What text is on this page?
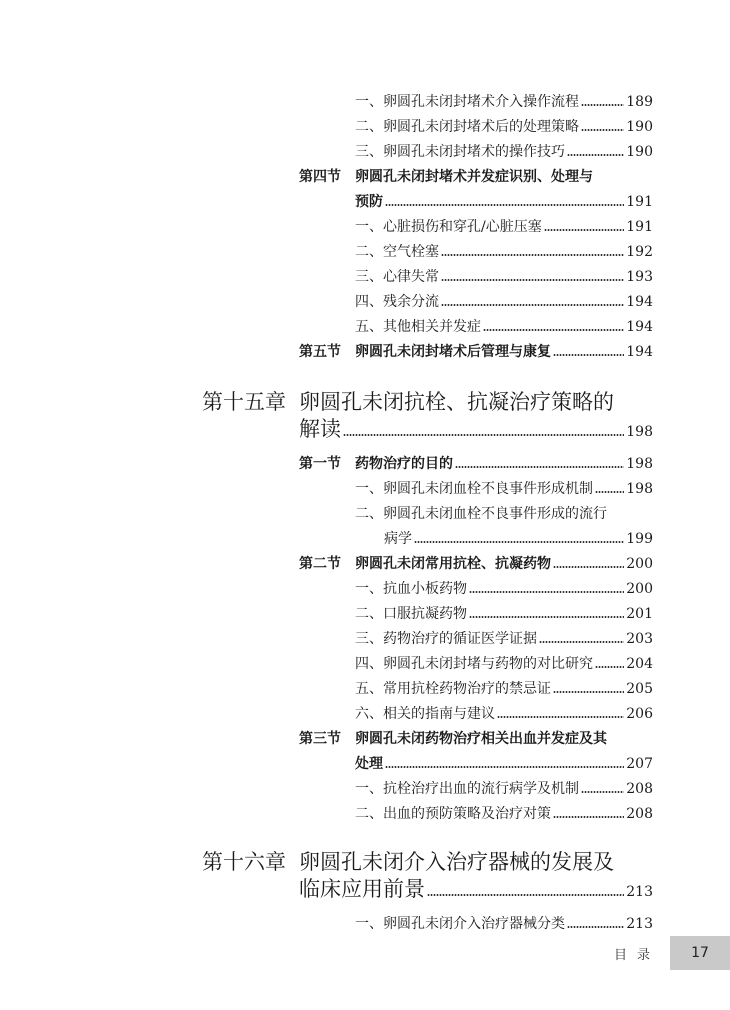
一、卵圆孔未闭封堵术介入操作流程	189
二、卵圆孔未闭封堵术后的处理策略	190
三、卵圆孔未闭封堵术的操作技巧	190
第四节	卵圆孔未闭封堵术并发症识别、处理与
预防	191
一、心脏损伤和穿孔/心脏压塞	191
二、空气栓塞	192
三、心律失常	193
四、残余分流	194
五、其他相关并发症	194
第五节	卵圆孔未闭封堵术后管理与康复	194
第十五章 卵圆孔未闭抗栓、抗凝治疗策略的
解读	198
第一节	药物治疗的目的	198
一、卵圆孔未闭血栓不良事件形成机制 198
二、卵圆孔未闭血栓不良事件形成的流行
病学	199
第二节	卵圆孔未闭常用抗栓、抗凝药物	200
一、抗血小板药物	200
二、口服抗凝药物	201
三、药物治疗的循证医学证据	203
四、卵圆孔未闭封堵与药物的对比研究 204
五、常用抗栓药物治疗的禁忌证	205
六、相关的指南与建议	206
第三节	卵圆孔未闭药物治疗相关出血并发症及其
处理	207
一、抗栓治疗出血的流行病学及机制	208
二、出血的预防策略及治疗对策	208
第十六章 卵圆孔未闭介入治疗器械的发展及
临床应用前景	213
一、卵圆孔未闭介入治疗器械分类	213
目录 17
